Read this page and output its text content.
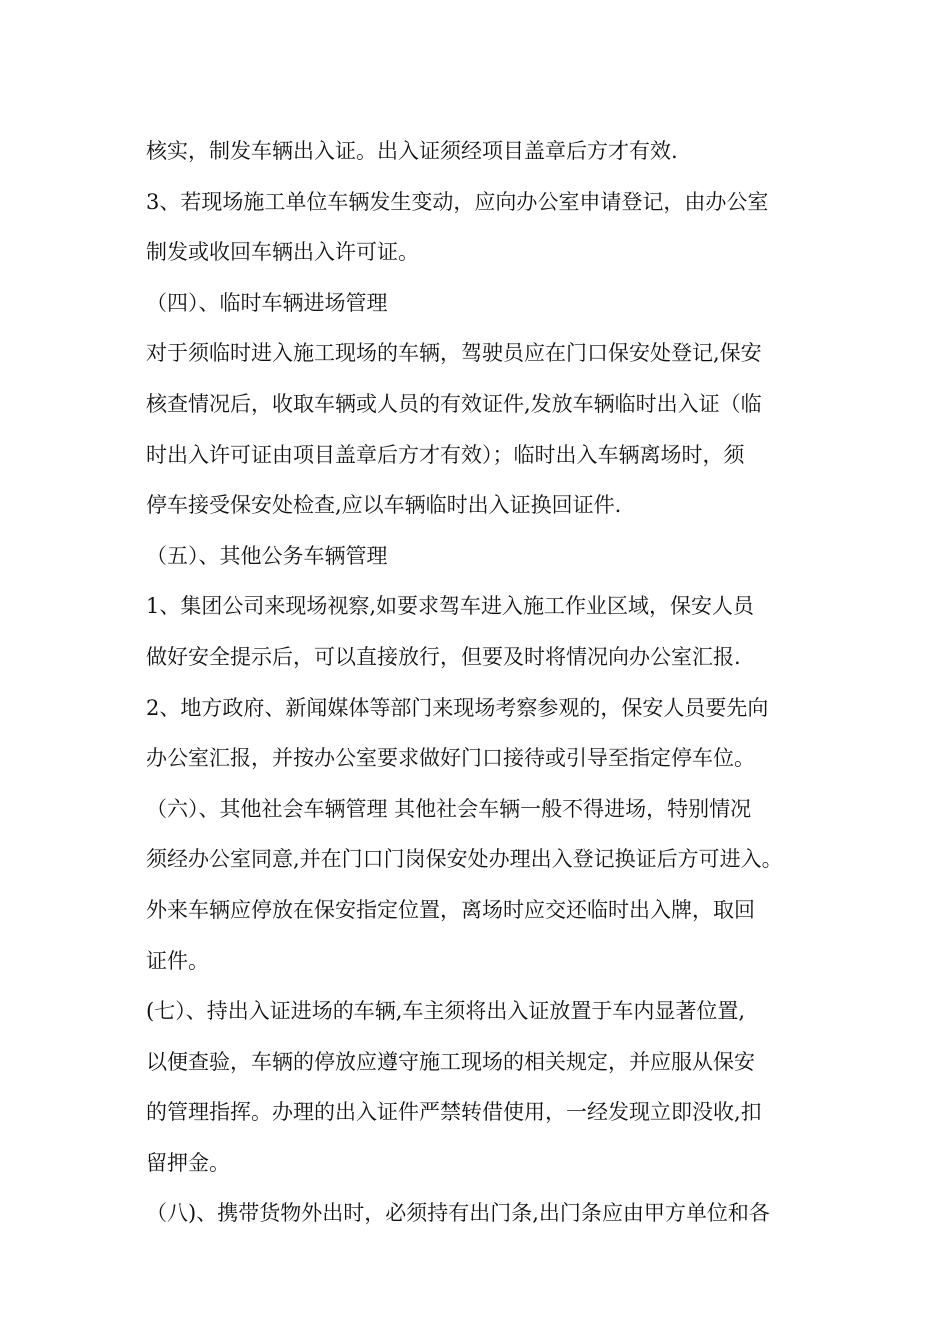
核实，制发车辆出入证。出入证须经项目盖章后方才有效.
3、若现场施工单位车辆发生变动，应向办公室申请登记，由办公室
制发或收回车辆出入许可证。
（四）、临时车辆进场管理
对于须临时进入施工现场的车辆，驾驶员应在门口保安处登记,保安
核查情况后，收取车辆或人员的有效证件,发放车辆临时出入证（临
时出入许可证由项目盖章后方才有效）；临时出入车辆离场时，须
停车接受保安处检查,应以车辆临时出入证换回证件.
（五）、其他公务车辆管理
1、集团公司来现场视察,如要求驾车进入施工作业区域，保安人员
做好安全提示后，可以直接放行，但要及时将情况向办公室汇报.
2、地方政府、新闻媒体等部门来现场考察参观的，保安人员要先向
办公室汇报，并按办公室要求做好门口接待或引导至指定停车位。
（六）、其他社会车辆管理 其他社会车辆一般不得进场，特别情况
须经办公室同意,并在门口门岗保安处办理出入登记换证后方可进入。
外来车辆应停放在保安指定位置，离场时应交还临时出入牌，取回
证件。
(七）、持出入证进场的车辆,车主须将出入证放置于车内显著位置,
以便查验，车辆的停放应遵守施工现场的相关规定，并应服从保安
的管理指挥。办理的出入证件严禁转借使用，一经发现立即没收,扣
留押金。
（八)、携带货物外出时，必须持有出门条,出门条应由甲方单位和各
